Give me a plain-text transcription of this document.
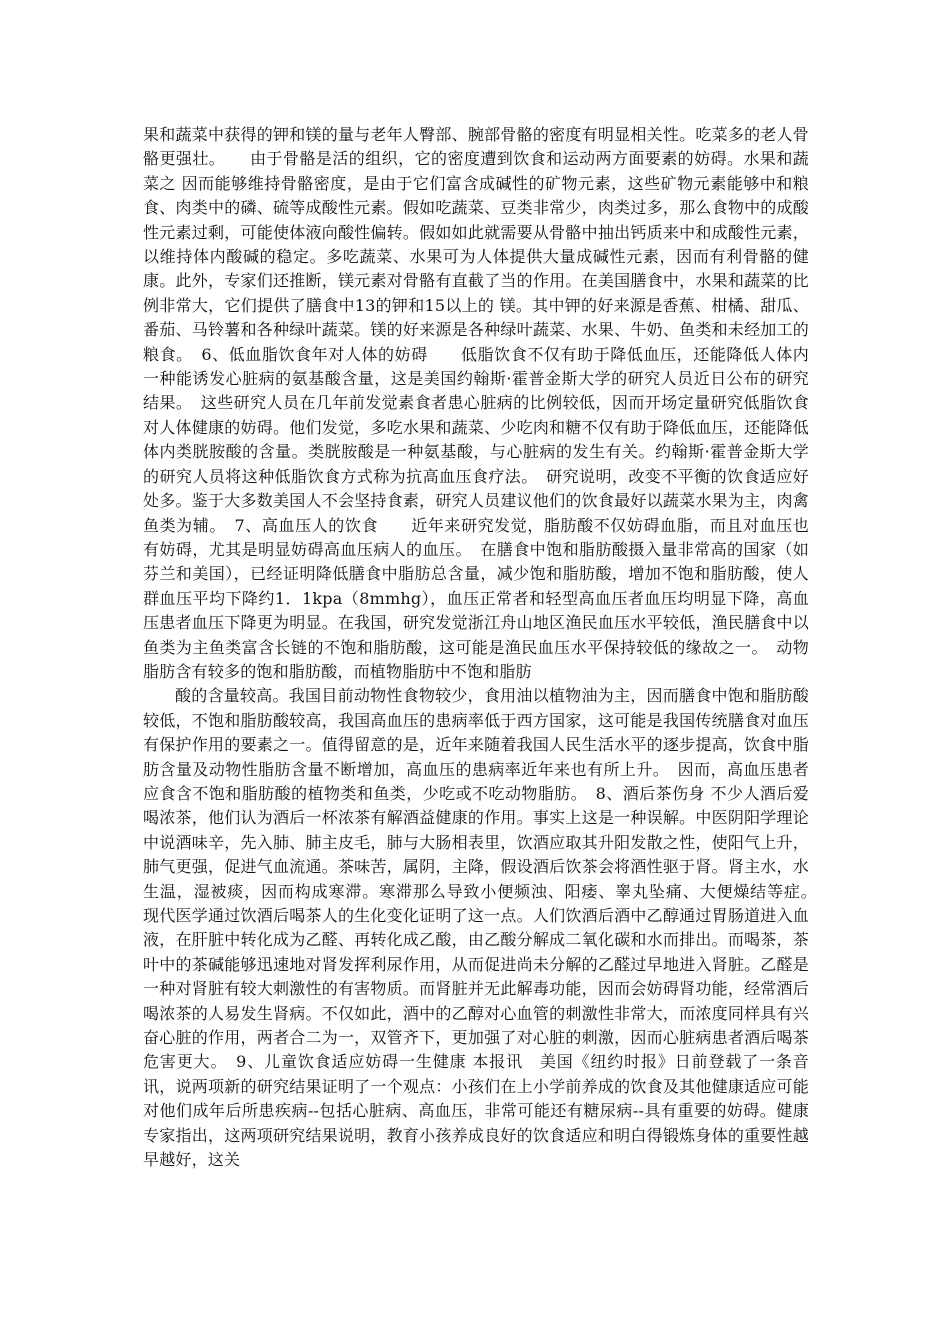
果和蔬菜中获得的钾和镁的量与老年人臀部、腕部骨骼的密度有明显相关性。吃菜多的老人骨骼更强壮。　　由于骨骼是活的组织，它的密度遭到饮食和运动两方面要素的妨碍。水果和蔬菜之 因而能够维持骨骼密度，是由于它们富含成碱性的矿物元素，这些矿物元素能够中和粮食、肉类中的磷、硫等成酸性元素。假如吃蔬菜、豆类非常少，肉类过多，那么食物中的成酸性元素过剩，可能使体液向酸性偏转。假如如此就需要从骨骼中抽出钙质来中和成酸性元素，以维持体内酸碱的稳定。多吃蔬菜、水果可为人体提供大量成碱性元素，因而有利骨骼的健康。此外，专家们还推断，镁元素对骨骼有直截了当的作用。在美国膳食中，水果和蔬菜的比例非常大，它们提供了膳食中13的钾和15以上的 镁。其中钾的好来源是香蕉、柑橘、甜瓜、番茄、马铃薯和各种绿叶蔬菜。镁的好来源是各种绿叶蔬菜、水果、牛奶、鱼类和未经加工的粮食。　6、低血脂饮食年对人体的妨碍　　低脂饮食不仅有助于降低血压，还能降低人体内一种能诱发心脏病的氨基酸含量，这是美国约翰斯·霍普金斯大学的研究人员近日公布的研究结果。　这些研究人员在几年前发觉素食者患心脏病的比例较低，因而开场定量研究低脂饮食对人体健康的妨碍。他们发觉，多吃水果和蔬菜、少吃肉和糖不仅有助于降低血压，还能降低体内类胱胺酸的含量。类胱胺酸是一种氨基酸，与心脏病的发生有关。约翰斯·霍普金斯大学的研究人员将这种低脂饮食方式称为抗高血压食疗法。　研究说明，改变不平衡的饮食适应好处多。鉴于大多数美国人不会坚持食素，研究人员建议他们的饮食最好以蔬菜水果为主，肉禽鱼类为辅。　7、高血压人的饮食　　近年来研究发觉，脂肪酸不仅妨碍血脂，而且对血压也有妨碍，尤其是明显妨碍高血压病人的血压。　在膳食中饱和脂肪酸摄入量非常高的国家（如芬兰和美国），已经证明降低膳食中脂肪总含量，减少饱和脂肪酸，增加不饱和脂肪酸，使人群血压平均下降约1．1kpa（8mmhg），血压正常者和轻型高血压者血压均明显下降，高血压患者血压下降更为明显。在我国，研究发觉浙江舟山地区渔民血压水平较低，渔民膳食中以鱼类为主鱼类富含长链的不饱和脂肪酸，这可能是渔民血压水平保持较低的缘故之一。　动物脂肪含有较多的饱和脂肪酸，而植物脂肪中不饱和脂肪

酸的含量较高。我国目前动物性食物较少，食用油以植物油为主，因而膳食中饱和脂肪酸较低，不饱和脂肪酸较高，我国高血压的患病率低于西方国家，这可能是我国传统膳食对血压有保护作用的要素之一。值得留意的是，近年来随着我国人民生活水平的逐步提高，饮食中脂肪含量及动物性脂肪含量不断增加，高血压的患病率近年来也有所上升。　因而，高血压患者应食含不饱和脂肪酸的植物类和鱼类，少吃或不吃动物脂肪。　8、酒后茶伤身 不少人酒后爱喝浓茶，他们认为酒后一杯浓茶有解酒益健康的作用。事实上这是一种误解。中医阴阳学理论中说酒味辛，先入肺、肺主皮毛，肺与大肠相表里，饮酒应取其升阳发散之性，使阳气上升，肺气更强，促进气血流通。茶味苦，属阴，主降，假设酒后饮茶会将酒性驱于肾。肾主水，水生温，湿被痰，因而构成寒滞。寒滞那么导致小便频浊、阳痿、睾丸坠痛、大便燥结等症。　现代医学通过饮酒后喝茶人的生化变化证明了这一点。人们饮酒后酒中乙醇通过胃肠道进入血液，在肝脏中转化成为乙醛、再转化成乙酸，由乙酸分解成二氧化碳和水而排出。而喝茶，茶叶中的茶碱能够迅速地对肾发挥利尿作用，从而促进尚未分解的乙醛过早地进入肾脏。乙醛是一种对肾脏有较大刺激性的有害物质。而肾脏并无此解毒功能，因而会妨碍肾功能，经常酒后喝浓茶的人易发生肾病。不仅如此，酒中的乙醇对心血管的刺激性非常大，而浓度同样具有兴奋心脏的作用，两者合二为一，双管齐下，更加强了对心脏的刺激，因而心脏病患者酒后喝茶危害更大。　9、儿童饮食适应妨碍一生健康 本报讯　美国《纽约时报》日前登载了一条音讯，说两项新的研究结果证明了一个观点：小孩们在上小学前养成的饮食及其他健康适应可能对他们成年后所患疾病--包括心脏病、高血压，非常可能还有糖尿病--具有重要的妨碍。健康专家指出，这两项研究结果说明，教育小孩养成良好的饮食适应和明白得锻炼身体的重要性越早越好，这关
